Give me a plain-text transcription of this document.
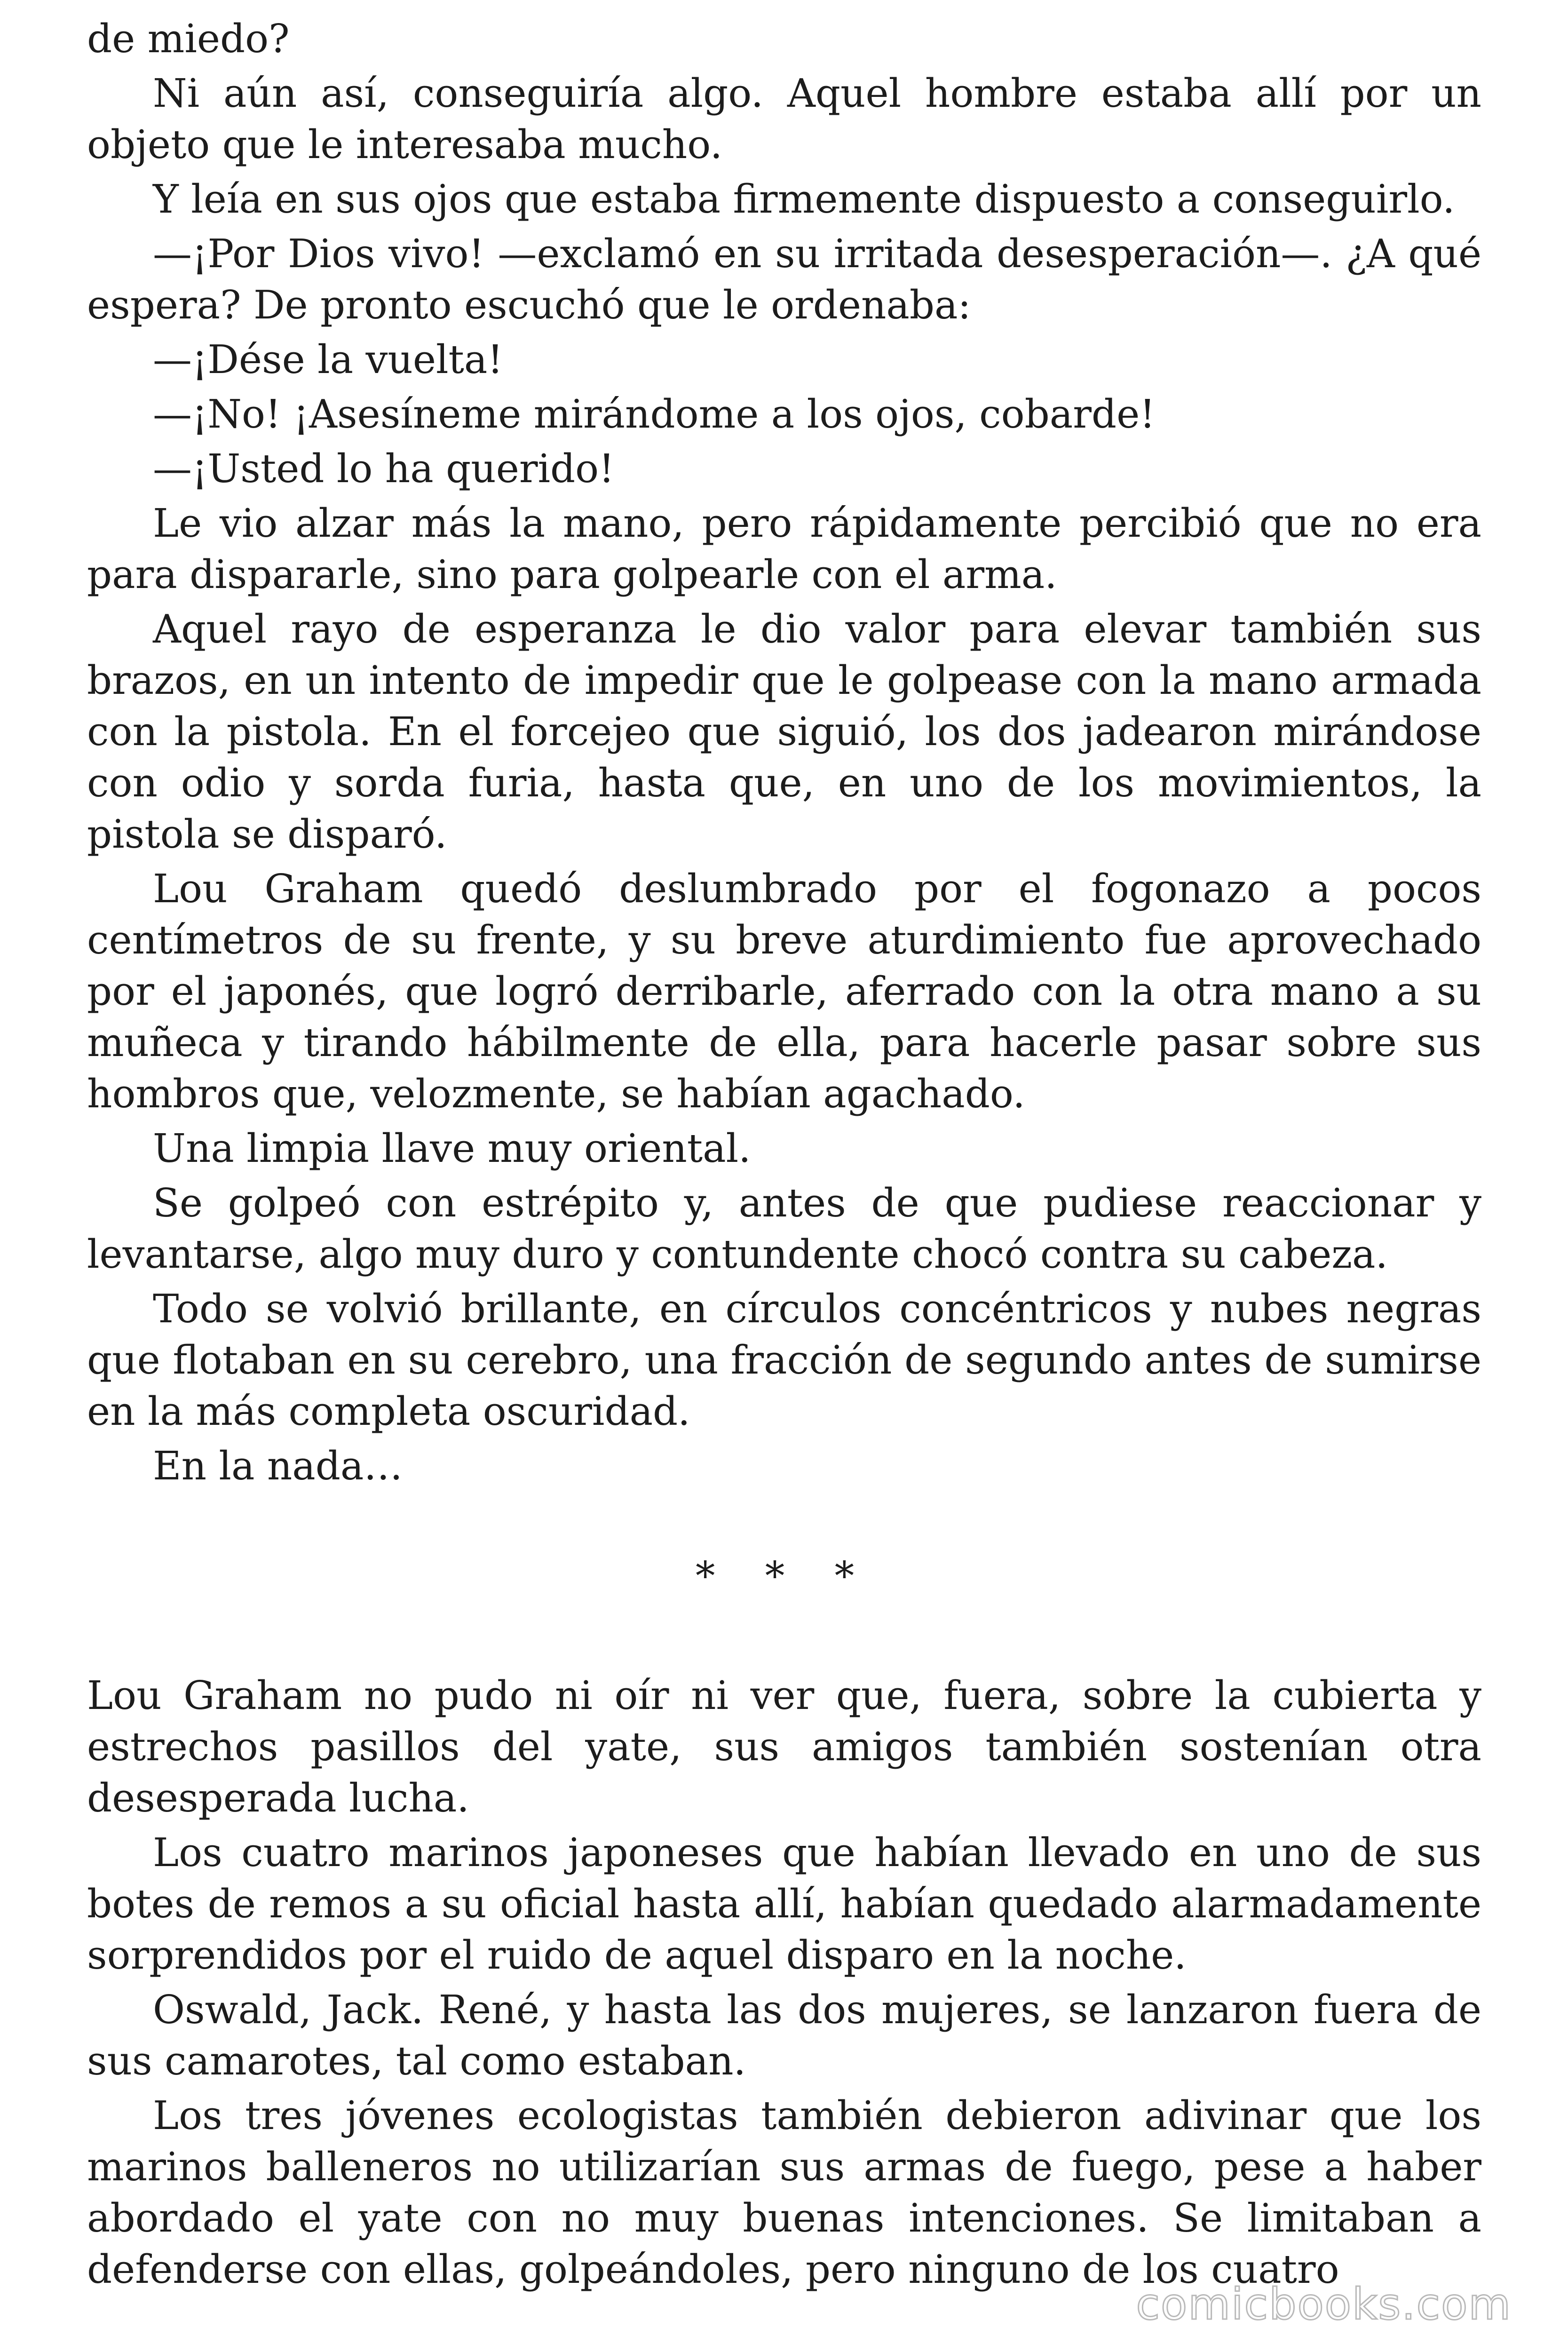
de miedo?

Ni aún así, conseguiría algo. Aquel hombre estaba allí por un objeto que le interesaba mucho.

Y leía en sus ojos que estaba firmemente dispuesto a conseguirlo.

—¡Por Dios vivo! —exclamó en su irritada desesperación—. ¿A qué espera? De pronto escuchó que le ordenaba:

—¡Dése la vuelta!

—¡No! ¡Asesíneme mirándome a los ojos, cobarde!

—¡Usted lo ha querido!

Le vio alzar más la mano, pero rápidamente percibió que no era para dispararle, sino para golpearle con el arma.

Aquel rayo de esperanza le dio valor para elevar también sus brazos, en un intento de impedir que le golpease con la mano armada con la pistola. En el forcejeo que siguió, los dos jadearon mirándose con odio y sorda furia, hasta que, en uno de los movimientos, la pistola se disparó.

Lou Graham quedó deslumbrado por el fogonazo a pocos centímetros de su frente, y su breve aturdimiento fue aprovechado por el japonés, que logró derribarle, aferrado con la otra mano a su muñeca y tirando hábilmente de ella, para hacerle pasar sobre sus hombros que, velozmente, se habían agachado.

Una limpia llave muy oriental.

Se golpeó con estrépito y, antes de que pudiese reaccionar y levantarse, algo muy duro y contundente chocó contra su cabeza.

Todo se volvió brillante, en círculos concéntricos y nubes negras que flotaban en su cerebro, una fracción de segundo antes de sumirse en la más completa oscuridad.

En la nada…

* * *

Lou Graham no pudo ni oír ni ver que, fuera, sobre la cubierta y estrechos pasillos del yate, sus amigos también sostenían otra desesperada lucha.

Los cuatro marinos japoneses que habían llevado en uno de sus botes de remos a su oficial hasta allí, habían quedado alarmadamente sorprendidos por el ruido de aquel disparo en la noche.

Oswald, Jack. René, y hasta las dos mujeres, se lanzaron fuera de sus camarotes, tal como estaban.

Los tres jóvenes ecologistas también debieron adivinar que los marinos balleneros no utilizarían sus armas de fuego, pese a haber abordado el yate con no muy buenas intenciones. Se limitaban a defenderse con ellas, golpeándoles, pero ninguno de los cuatro

comicbooks.com
